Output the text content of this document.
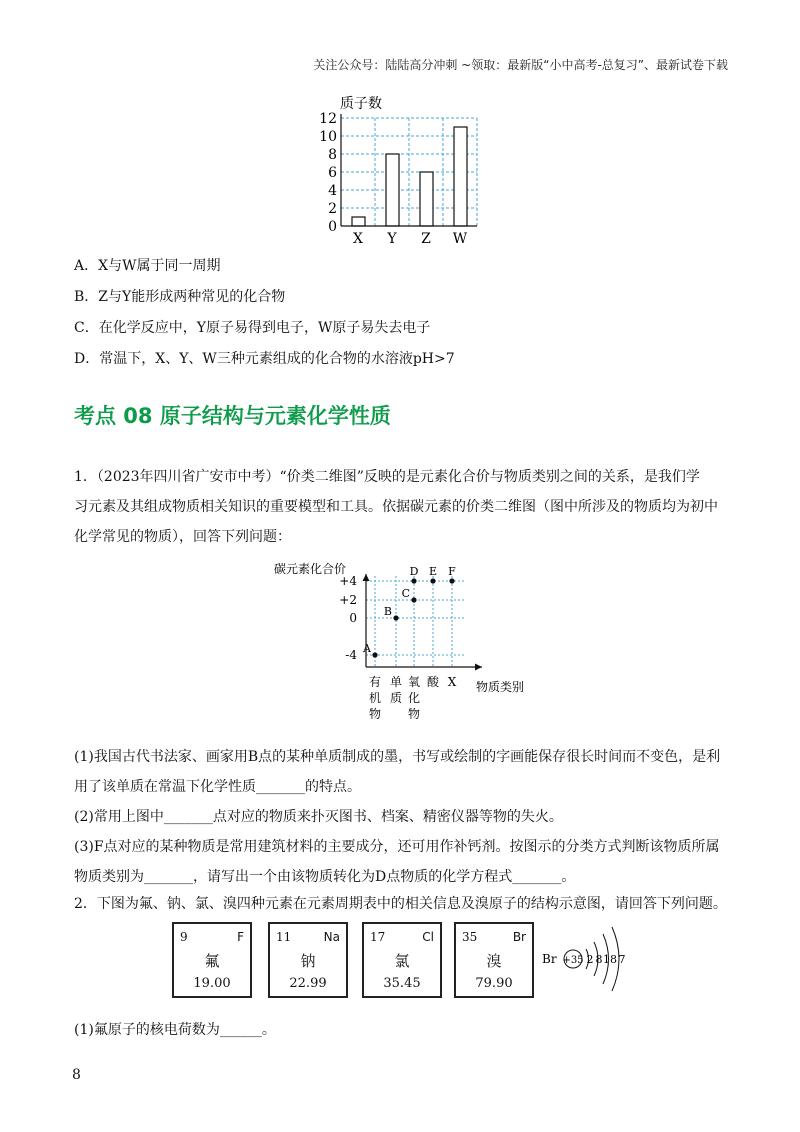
关注公众号：陆陆高分冲刺 ~领取：最新版“小中高考-总复习”、最新试卷下载
质子数
0
2
4
6
8
10
12
X Y Z W
A．X与W属于同一周期
B．Z与Y能形成两种常见的化合物
C．在化学反应中，Y原子易得到电子，W原子易失去电子
D．常温下，X、Y、W三种元素组成的化合物的水溶液pH>7
考点 08 原子结构与元素化学性质
1．（2023年四川省广安市中考）“价类二维图”反映的是元素化合价与物质类别之间的关系，是我们学
习元素及其组成物质相关知识的重要模型和工具。依据碳元素的价类二维图（图中所涉及的物质均为初中
化学常见的物质），回答下列问题：
碳元素化合价
物质类别
+4
+2
0
-4
有
机
物
单
质
氧
化
物
酸 X
A
B
C
D E F
(1)我国古代书法家、画家用B点的某种单质制成的墨，书写或绘制的字画能保存很长时间而不变色，是利
用了该单质在常温下化学性质_______的特点。
(2)常用上图中_______点对应的物质来扑灭图书、档案、精密仪器等物的失火。
(3)F点对应的某种物质是常用建筑材料的主要成分，还可用作补钙剂。按图示的分类方式判断该物质所属
物质类别为_______，请写出一个由该物质转化为D点物质的化学方程式_______。
2．下图为氟、钠、氯、溴四种元素在元素周期表中的相关信息及溴原子的结构示意图，请回答下列问题。
9	F
氟
19.00
11	Na
钠
22.99
17	Cl
氯
35.45
35	Br
溴
79.90
Br +35 2 8 18 7
(1)氟原子的核电荷数为______。
8
